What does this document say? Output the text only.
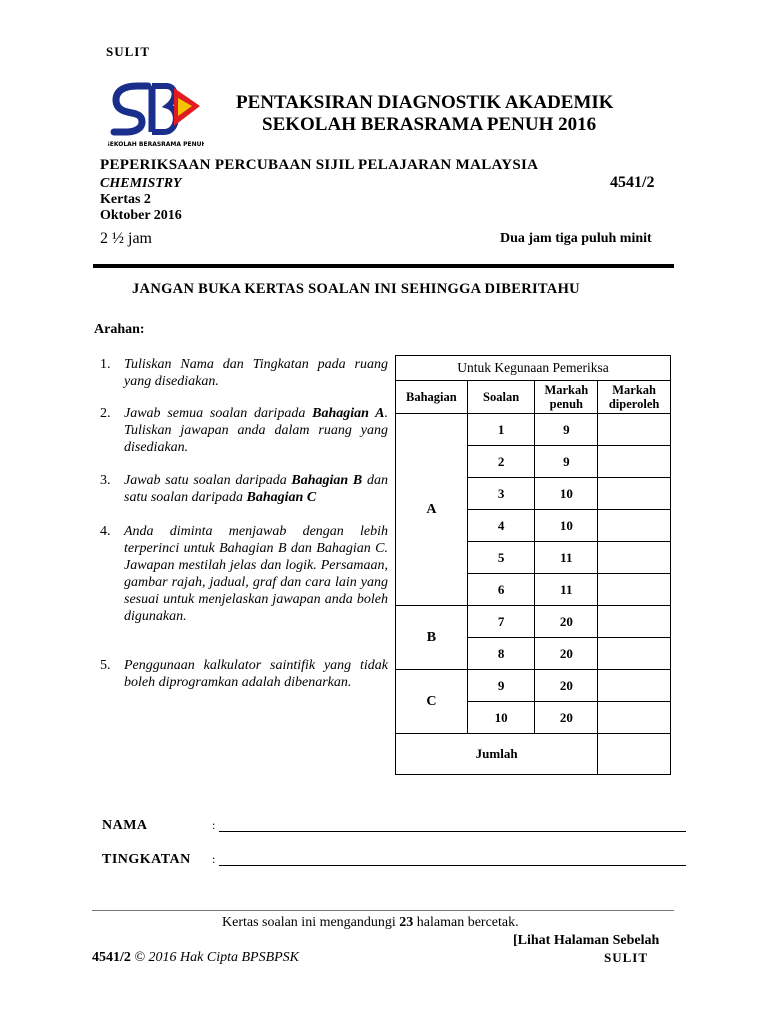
SULIT
SEKOLAH BERASRAMA PENUH
PENTAKSIRAN DIAGNOSTIK AKADEMIK
SEKOLAH BERASRAMA PENUH 2016
PEPERIKSAAN PERCUBAAN SIJIL PELAJARAN MALAYSIA
CHEMISTRY	4541/2
Kertas 2
Oktober 2016
2 ½ jam	Dua jam tiga puluh minit
JANGAN BUKA KERTAS SOALAN INI SEHINGGA DIBERITAHU
Arahan:
1. Tuliskan Nama dan Tingkatan pada ruang yang disediakan.
2. Jawab semua soalan daripada Bahagian A. Tuliskan jawapan anda dalam ruang yang disediakan.
3. Jawab satu soalan daripada Bahagian B dan satu soalan daripada Bahagian C
4. Anda diminta menjawab dengan lebih terperinci untuk Bahagian B dan Bahagian C. Jawapan mestilah jelas dan logik. Persamaan, gambar rajah, jadual, graf dan cara lain yang sesuai untuk menjelaskan jawapan anda boleh digunakan.
5. Penggunaan kalkulator saintifik yang tidak boleh diprogramkan adalah dibenarkan.
Untuk Kegunaan Pemeriksa			
Bahagian	Soalan	Markah penuh	Markah diperoleh
A	1	9	
	2	9	
	3	10	
	4	10	
	5	11	
	6	11	
B	7	20	
	8	20	
C	9	20	
	10	20	
Jumlah			
NAMA	:
TINGKATAN :
Kertas soalan ini mengandungi 23 halaman bercetak.
[Lihat Halaman Sebelah
4541/2 © 2016 Hak Cipta BPSBPSK	SULIT
